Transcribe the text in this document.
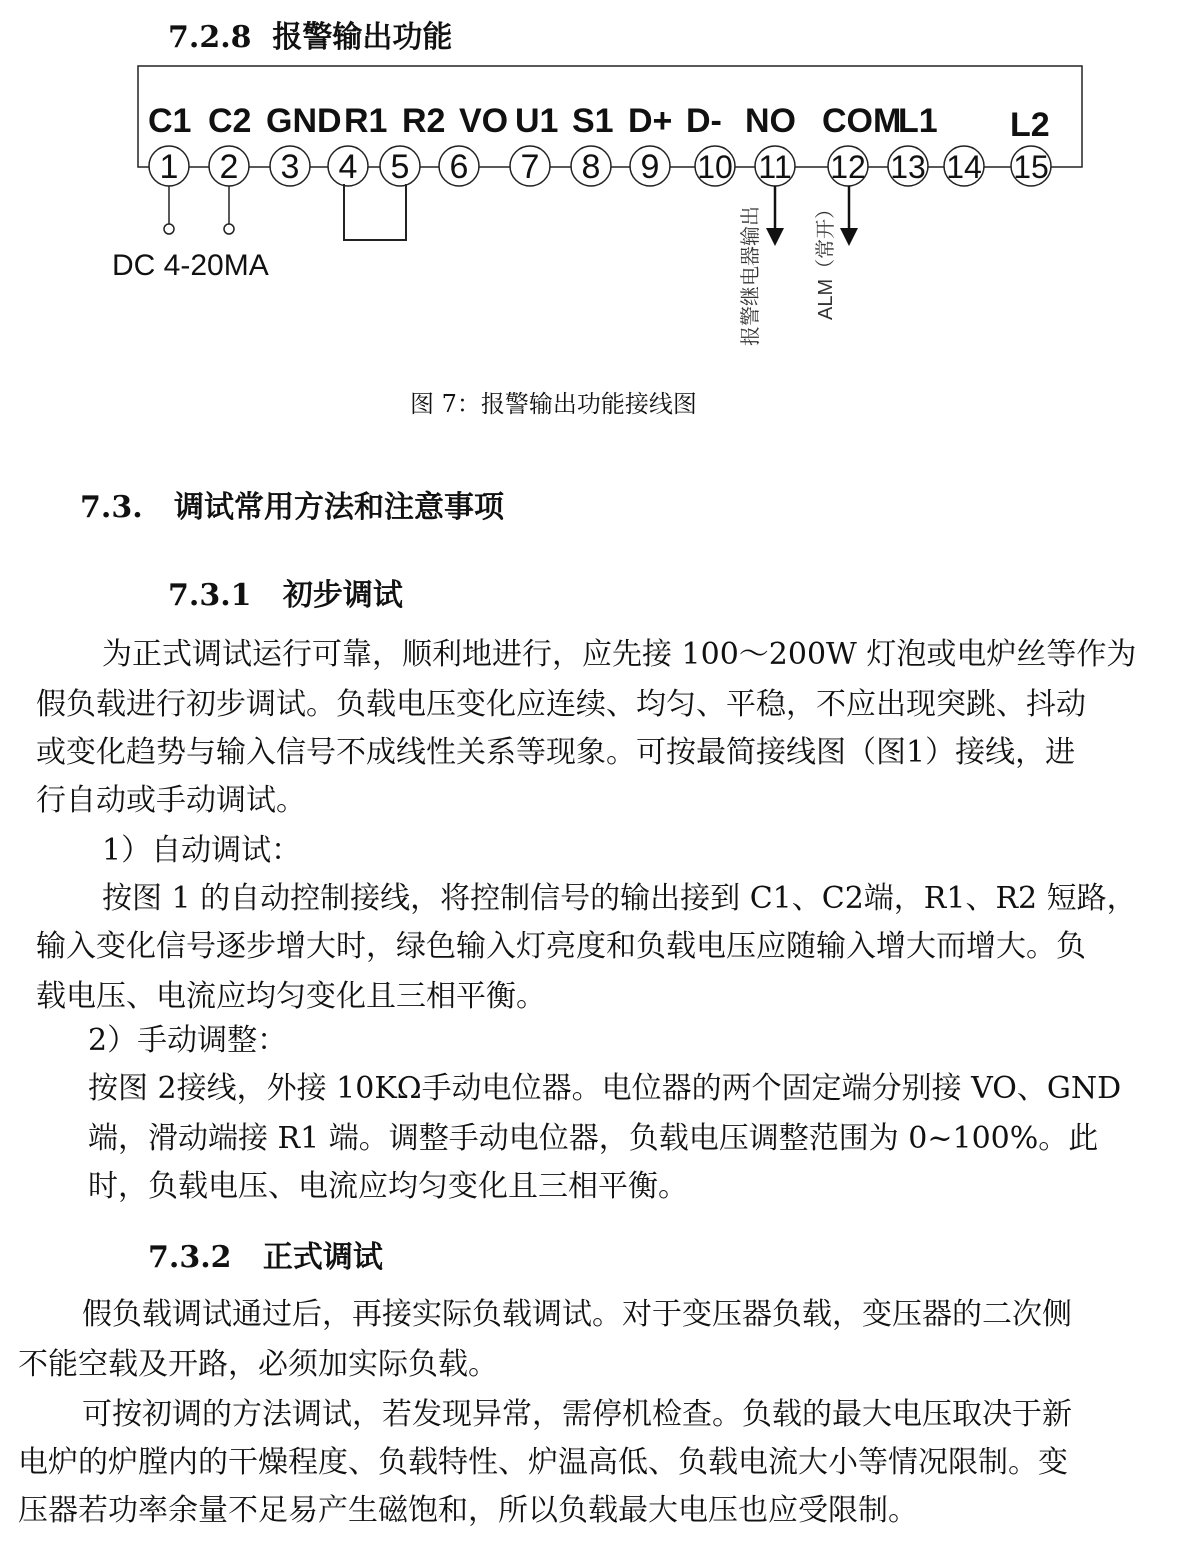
7.2.8 报警输出功能
C1 C2 GND R1 R2 VO U1 S1 D+ D- NO COM
L1 L2
1 2 3 4 5 6 7 8 9 10 11 12 13 14 15
DC 4-20MA	报警继电器输出	ALM（常开）
图 7：报警输出功能接线图
7.3. 调试常用方法和注意事项
7.3.1 初步调试
为正式调试运行可靠，顺利地进行，应先接 100～200W 灯泡或电炉丝等作为
假负载进行初步调试。负载电压变化应连续、均匀、平稳，不应出现突跳、抖动
或变化趋势与输入信号不成线性关系等现象。可按最简接线图（图1）接线，进
行自动或手动调试。
1）自动调试：
按图 1 的自动控制接线，将控制信号的输出接到 C1、C2端，R1、R2 短路，
输入变化信号逐步增大时，绿色输入灯亮度和负载电压应随输入增大而增大。负
载电压、电流应均匀变化且三相平衡。
2）手动调整：
按图 2接线，外接 10KΩ手动电位器。电位器的两个固定端分别接 VO、GND
端，滑动端接 R1 端。调整手动电位器，负载电压调整范围为 0~100%。此
时，负载电压、电流应均匀变化且三相平衡。
7.3.2 正式调试
假负载调试通过后，再接实际负载调试。对于变压器负载，变压器的二次侧
不能空载及开路，必须加实际负载。
可按初调的方法调试，若发现异常，需停机检查。负载的最大电压取决于新
电炉的炉膛内的干燥程度、负载特性、炉温高低、负载电流大小等情况限制。变
压器若功率余量不足易产生磁饱和，所以负载最大电压也应受限制。
